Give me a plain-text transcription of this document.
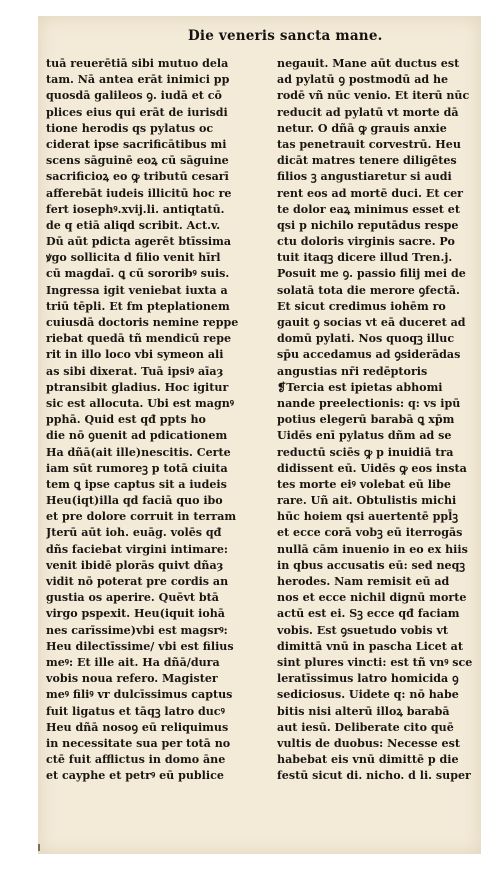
Die veneris sancta mane.
tuā reuerētiā sibi mutuo dela
tam. Nā antea erāt inimici pp
quosdā galileos ꝯ. iudā et cō
plices eius qui erāt de iurisdi
tione herodis qs pylatus oc
ciderat ipse sacrificātibus mi
scens sāguinē eoꝝ cū sāguine
sacrificioꝝ eo ꝙ tributū cesarī
afferebāt iudeis illicitū hoc re
fert iosephꝰ.xvij.li. antiqtatū.
de q etiā aliqd scribit. Act.v.
Dū aūt pdicta agerēt btīssima
ꝟgo sollicita d filio venit hīrl
cū magdaī. ꝗ cū sororibꝰ suis.
Ingressa igit veniebat iuxta a
triū tēpli. Et fm pteplationem
cuiusdā doctoris nemine reppe
riebat quedā tñ mendicū repe
rit in illo loco vbi symeon ali
as sibi dixerat. Tuā ipsiꝰ aīaȝ
ptransibit gladius. Hoc igitur
sic est allocuta. Ubi est magnꝰ
pphā. Quid est qđ ppts ho
die nō ꝯuenit ad pdicationem
Ha dñā(ait ille)nescitis. Certe
iam sūt rumoreꝫ p totā ciuita
tem ꝗ ipse captus sit a iudeis
Heu(iqt)illa qd faciā quo ibo
et pre dolore corruit in terram
Jterū aūt ioh. euāg. volēs qđ
dñs faciebat virgini intimare:
venit ibidē plorās quivt dñaȝ
vidit nō poterat pre cordis an
gustia os aperire. Quēvt btā
virgo pspexit. Heu(iquit iohā
nes carīssime)vbi est magsrꝰ:
Heu dilectīssime/ vbi est filius
meꝰ: Et ille ait. Ha dñā/dura
vobis noua refero. Magister
meꝰ filiꝰ vr dulcīssimus captus
fuit ligatus et tāqꝫ latro ducꝰ
Heu dñā nosoꝯ eū reliquimus
in necessitate sua per totā no
ctē fuit afflictus in domo āne
et cayphe et petrꝰ eū publice
negauit. Mane aūt ductus est
ad pylatū ꝯ postmodū ad he
rodē vñ nūc venio. Et iterū nūc
reducit ad pylatū vt morte dā
netur. O dñā ꝙ grauis anxie
tas penetrauit corvestrū. Heu
dicāt matres tenere diligētes
filios ꝫ angustiaretur si audi
rent eos ad mortē duci. Et cer
te dolor eaꝝ minimus esset et
qsi p nichilo reputādus respe
ctu doloris virginis sacre. Po
tuit itaqꝫ dicere illud Tren.j.
Posuit me ꝯ. passio filij mei de
solatā tota die merore ꝯfectā.
Et sicut credimus iohēm ro
gauit ꝯ socias vt eā duceret ad
domū pylati. Nos quoqꝫ illuc
sp̄u accedamus ad ꝯsiderādas
angustias nr̄i redēptoris
❡Tercia est ipietas abhomi
nande preelectionis: q: vs ipū
potius elegerū barabā ꝗ xp̄m
Uidēs enī pylatus dñm ad se
reductū sciēs ꝙ p inuidiā tra
didissent eū. Uidēs ꝙ eos insta
tes morte eiꝰ volebat eū libe
rare. Uñ ait. Obtulistis michi
hūc hoiem qsi auertentē ppl̄ꝫ
et ecce corā vobꝫ eū iterrogās
nullā cām inuenio in eo ex hiis
in qbus accusatis eū: sed neqꝫ
herodes. Nam remisit eū ad
nos et ecce nichil dignū morte
actū est ei. Sꝫ ecce qđ faciam
vobis. Est ꝯsuetudo vobis vt
dimittā vnū in pascha Licet at
sint plures vincti: est tñ vnꝰ sce
leratīssimus latro homicida ꝯ
sediciosus. Uidete q: nō habe
bitis nisi alterū illoꝝ barabā
aut iesū. Deliberate cito quē
vultis de duobus: Necesse est
habebat eis vnū dimittē p die
festū sicut di. nicho. d li. super
